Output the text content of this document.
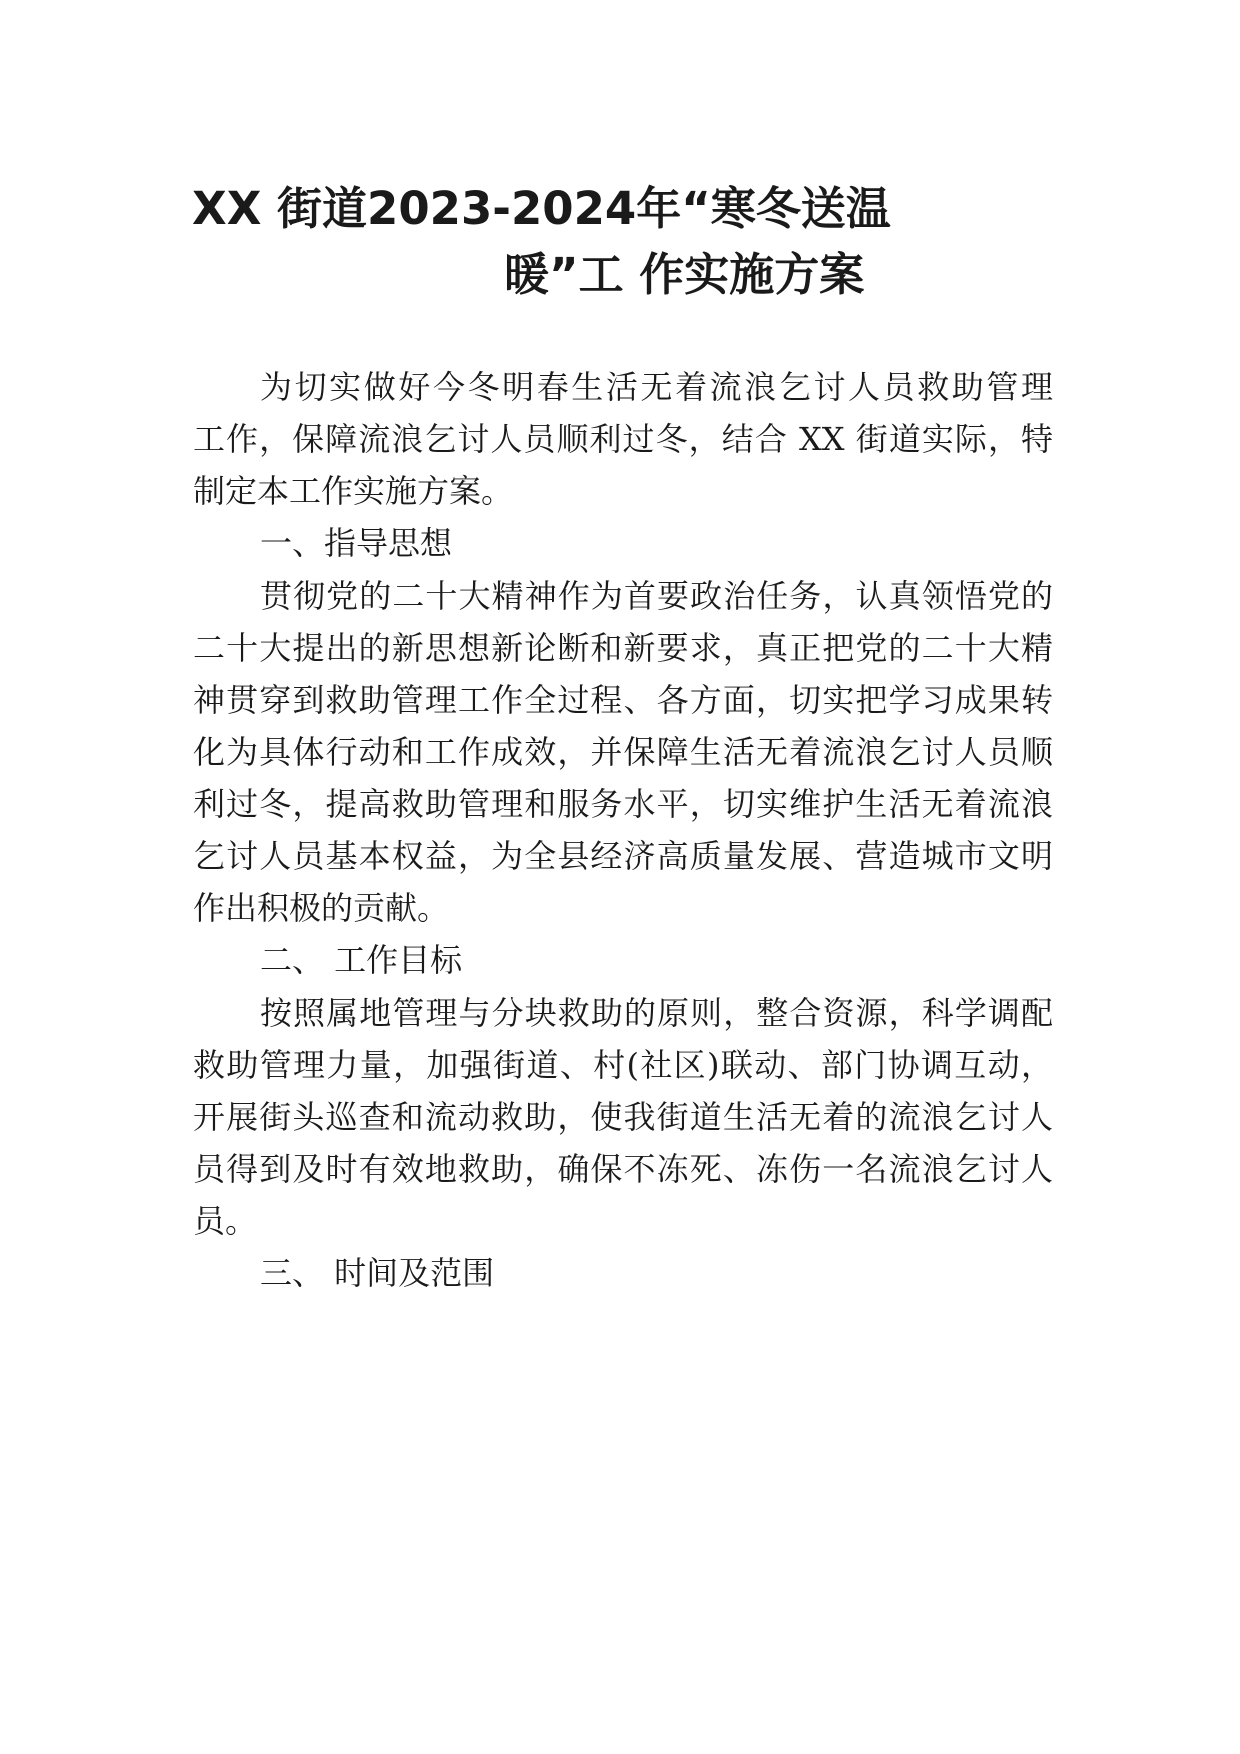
XX 街道2023-2024年“寒冬送温
暖”工 作实施方案
为切实做好今冬明春生活无着流浪乞讨人员救助管理
工作，保障流浪乞讨人员顺利过冬，结合 XX 街道实际，特
制定本工作实施方案。
一、指导思想
贯彻党的二十大精神作为首要政治任务，认真领悟党的
二十大提出的新思想新论断和新要求，真正把党的二十大精
神贯穿到救助管理工作全过程、各方面，切实把学习成果转
化为具体行动和工作成效，并保障生活无着流浪乞讨人员顺
利过冬，提高救助管理和服务水平，切实维护生活无着流浪
乞讨人员基本权益，为全县经济高质量发展、营造城市文明
作出积极的贡献。
二、 工作目标
按照属地管理与分块救助的原则，整合资源，科学调配
救助管理力量，加强街道、村(社区)联动、部门协调互动，
开展街头巡查和流动救助，使我街道生活无着的流浪乞讨人
员得到及时有效地救助，确保不冻死、冻伤一名流浪乞讨人
员。
三、 时间及范围
